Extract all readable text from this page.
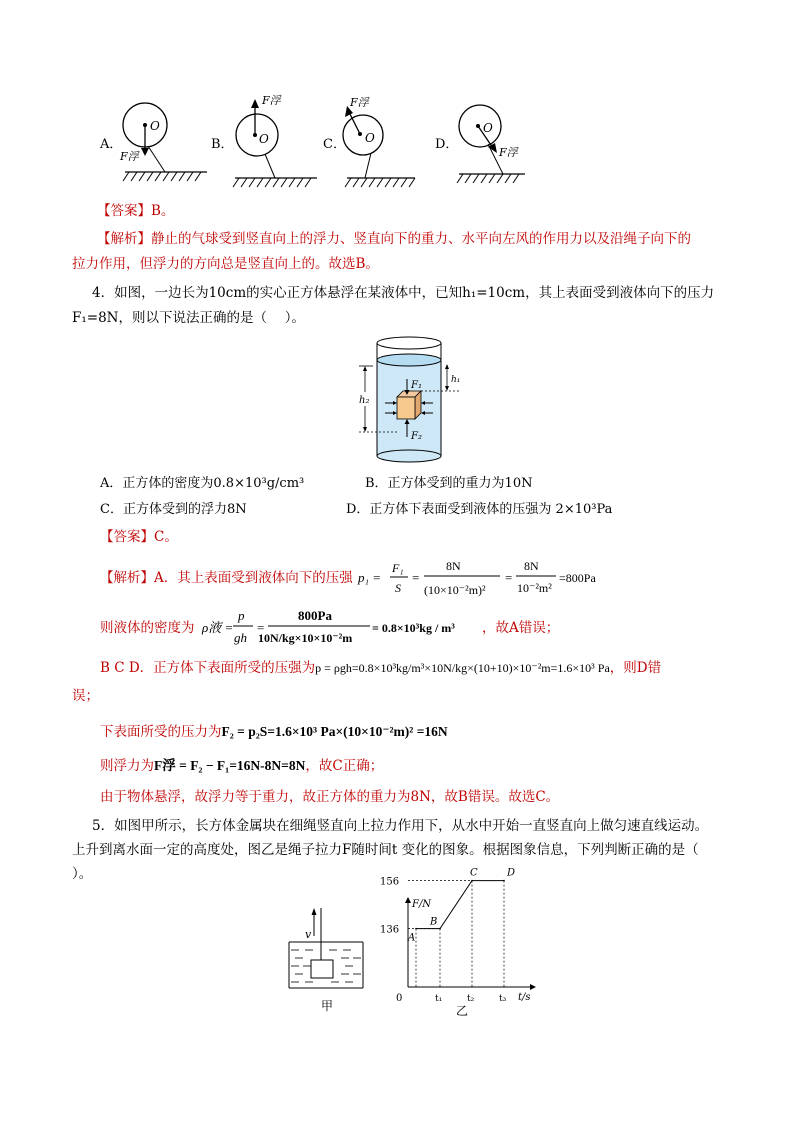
A．
O
F浮
B． O
F浮
C． O
F浮
D．
O
F浮
【答案】B。
【解析】静止的气球受到竖直向上的浮力、竖直向下的重力、水平向左风的作用力以及沿绳子向下的
拉力作用，但浮力的方向总是竖直向上的。故选B。
4．如图，一边长为10cm的实心正方体悬浮在某液体中，已知h₁=10cm，其上表面受到液体向下的压力
F₁=8N，则以下说法正确的是（　 ）。
F₁
F₂
h₂
h₁
A．正方体的密度为0.8×10³g/cm³	B．正方体受到的重力为10N
C．正方体受到的浮力8N	D．正方体下表面受到液体的压强为 2×10³Pa
【答案】C。
【解析】A．其上表面受到液体向下的压强 p₁ =
F₁
S
=
8N
(10×10⁻²m)²
=
8N
10⁻²m²
=800Pa
则液体的密度为 ρ液 =
p
gh
=
800Pa
10N/kg×10×10⁻²m
= 0.8×10³kg / m³ ，故A错误；
B C D．正方体下表面所受的压强为p = ρgh=0.8×10³kg/m³×10N/kg×(10+10)×10⁻²m=1.6×10³ Pa，则D错
误；
下表面所受的压力为F₂ = p₂S=1.6×10³ Pa×(10×10⁻²m)² =16N
则浮力为F浮 = F₂ − F₁=16N-8N=8N，故C正确；
由于物体悬浮，故浮力等于重力，故正方体的重力为8N，故B错误。故选C。
5．如图甲所示，长方体金属块在细绳竖直向上拉力作用下，从水中开始一直竖直向上做匀速直线运动。
上升到离水面一定的高度处，图乙是绳子拉力F随时间t 变化的图象。根据图象信息，下列判断正确的是（
）。
v
甲
F/N
t/s
0
136
156
t₁	t₂	t₃
A
B
C	D
乙
